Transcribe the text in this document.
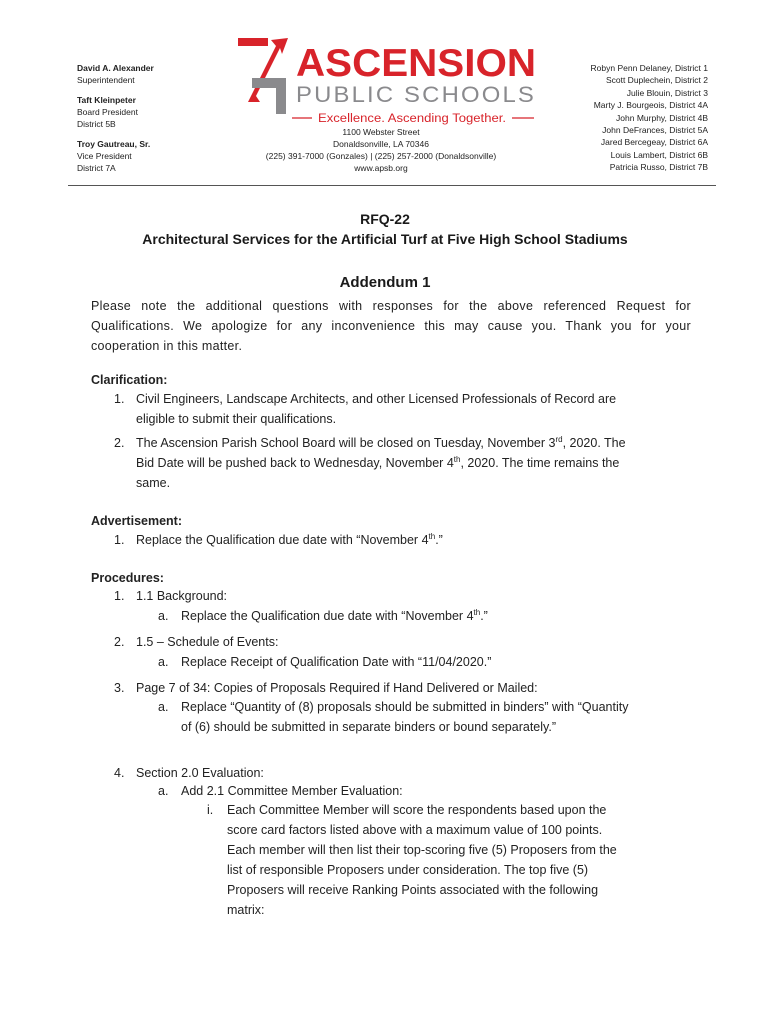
David A. Alexander
Superintendent
Taft Kleinpeter
Board President
District 5B
Troy Gautreau, Sr.
Vice President
District 7A
ASCENSION
PUBLIC SCHOOLS
Excellence. Ascending Together.
1100 Webster Street
Donaldsonville, LA 70346
(225) 391-7000 (Gonzales) | (225) 257-2000 (Donaldsonville)
www.apsb.org
Robyn Penn Delaney, District 1
Scott Duplechein, District 2
Julie Blouin, District 3
Marty J. Bourgeois, District 4A
John Murphy, District 4B
John DeFrances, District 5A
Jared Bercegeay, District 6A
Louis Lambert, District 6B
Patricia Russo, District 7B
RFQ-22
Architectural Services for the Artificial Turf at Five High School Stadiums
Addendum 1
Please note the additional questions with responses for the above referenced Request for Qualifications. We apologize for any inconvenience this may cause you. Thank you for your cooperation in this matter.
Clarification:
1. Civil Engineers, Landscape Architects, and other Licensed Professionals of Record are eligible to submit their qualifications.
2. The Ascension Parish School Board will be closed on Tuesday, November 3rd, 2020. The Bid Date will be pushed back to Wednesday, November 4th, 2020. The time remains the same.
Advertisement:
1. Replace the Qualification due date with “November 4th.”
Procedures:
1. 1.1 Background:
a. Replace the Qualification due date with “November 4th.”
2. 1.5 – Schedule of Events:
a. Replace Receipt of Qualification Date with “11/04/2020.”
3. Page 7 of 34: Copies of Proposals Required if Hand Delivered or Mailed:
a. Replace “Quantity of (8) proposals should be submitted in binders” with “Quantity of (6) should be submitted in separate binders or bound separately.”
4. Section 2.0 Evaluation:
a. Add 2.1 Committee Member Evaluation:
i. Each Committee Member will score the respondents based upon the score card factors listed above with a maximum value of 100 points. Each member will then list their top-scoring five (5) Proposers from the list of responsible Proposers under consideration. The top five (5) Proposers will receive Ranking Points associated with the following matrix:
